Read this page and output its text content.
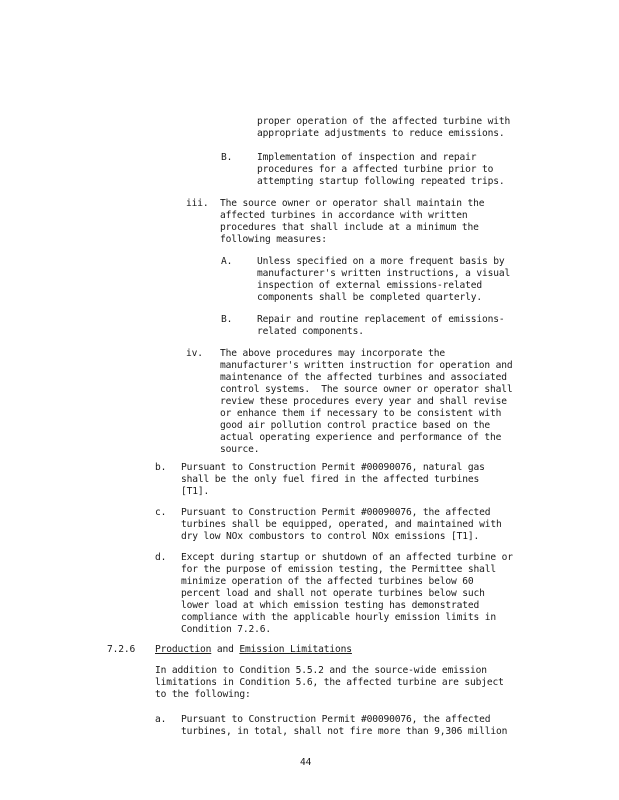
proper operation of the affected turbine with
appropriate adjustments to reduce emissions.
B.	Implementation of inspection and repair
procedures for a affected turbine prior to
attempting startup following repeated trips.
iii. The source owner or operator shall maintain the
affected turbines in accordance with written
procedures that shall include at a minimum the
following measures:
A.	Unless specified on a more frequent basis by
manufacturer's written instructions, a visual
inspection of external emissions-related
components shall be completed quarterly.
B.	Repair and routine replacement of emissions-
related components.
iv. The above procedures may incorporate the
manufacturer's written instruction for operation and
maintenance of the affected turbines and associated
control systems.  The source owner or operator shall
review these procedures every year and shall revise
or enhance them if necessary to be consistent with
good air pollution control practice based on the
actual operating experience and performance of the
source.
b. Pursuant to Construction Permit #00090076, natural gas
shall be the only fuel fired in the affected turbines
[T1].
c. Pursuant to Construction Permit #00090076, the affected
turbines shall be equipped, operated, and maintained with
dry low NOx combustors to control NOx emissions [T1].
d. Except during startup or shutdown of an affected turbine or
for the purpose of emission testing, the Permittee shall
minimize operation of the affected turbines below 60
percent load and shall not operate turbines below such
lower load at which emission testing has demonstrated
compliance with the applicable hourly emission limits in
Condition 7.2.6.
7.2.6 Production and Emission Limitations
In addition to Condition 5.5.2 and the source-wide emission
limitations in Condition 5.6, the affected turbine are subject
to the following:
a. Pursuant to Construction Permit #00090076, the affected
turbines, in total, shall not fire more than 9,306 million
44
